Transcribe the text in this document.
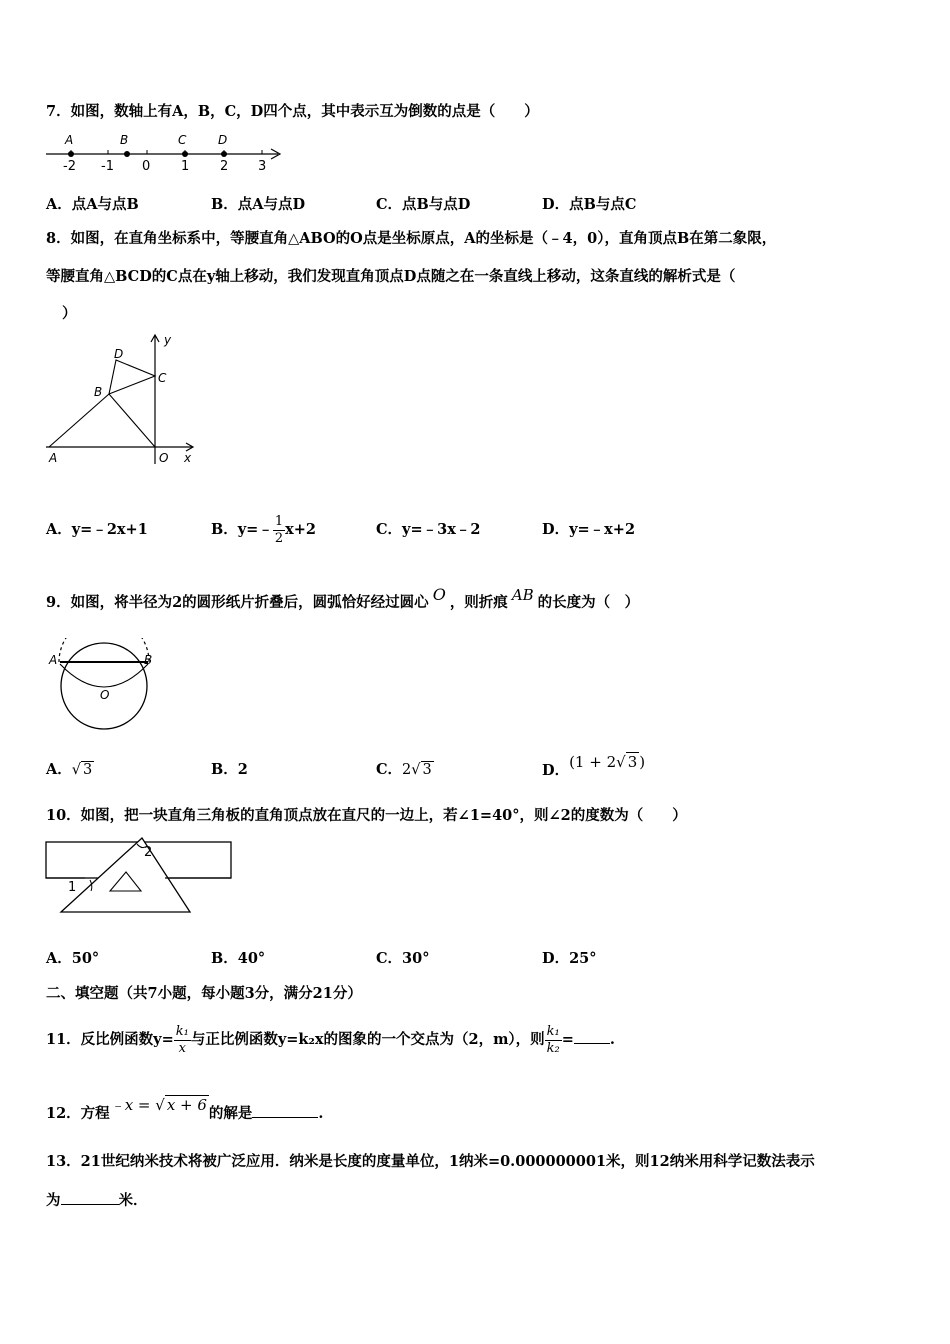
7．如图，数轴上有A，B，C，D四个点，其中表示互为倒数的点是（　　）
A	B	C	D
-2 -1 0 1 2 3
A．点A与点B	B．点A与点D	C．点B与点D	D．点B与点C
8．如图，在直角坐标系中，等腰直角△ABO的O点是坐标原点，A的坐标是（﹣4，0），直角顶点B在第二象限，
等腰直角△BCD的C点在y轴上移动，我们发现直角顶点D点随之在一条直线上移动，这条直线的解析式是（
）
D
y
C
B
A	O x
A．y=﹣2x+1	B．y=﹣ $\frac{1}{2} x+2$	C．y=﹣3x﹣2	D．y=﹣x+2
9．如图，将半径为2的圆形纸片折叠后，圆弧恰好经过圆心 O ，则折痕 AB 的长度为（　）
A	B
O
A．√ 3	B．2	C．2√ 3	D．(1 + 2√ 3 )
10．如图，把一块直角三角板的直角顶点放在直尺的一边上，若∠1=40°，则∠2的度数为（　　）
1
2
A．50°	B．40°	C．30°	D．25°
二、填空题（共7小题，每小题3分，满分21分）
11．反比例函数$y= \frac{\text{k₁}}{x}$ 与正比例函数y=k₂x的图象的一个交点为（2，m），则 $\frac{\text{k₁}}{\text{k₂}}$ = .
12．方程﹣x = √ x + 6 的解是	.
13．21世纪纳米技术将被广泛应用．纳米是长度的度量单位，1纳米=0.000000001米，则12纳米用科学记数法表示
为	米．
